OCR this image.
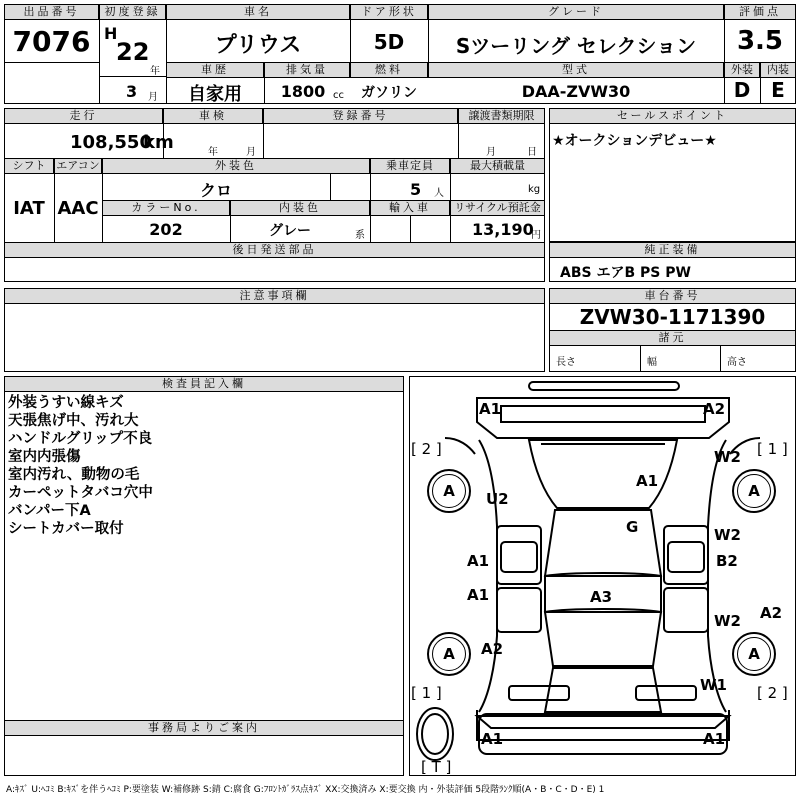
出品番号
7076
初度登録
H
22
年
3 月
車名
プリウス
ドア形状
5D
グレード
Sツーリング セレクション
評価点
3.5
車歴
自家用
排気量
1800 cc
燃料
ガソリン
型式
DAA-ZVW30
外装	内装
D	E
走行
108,550
km
車検
年	月
登録番号	譲渡書類期限
月	日
セールスポイント
★オークションデビュー★
シフト エアコン
IAT AAC
外装色
クロ
乗車定員
5 人
最大積載量
kg
カラーNo.	内装色	輸入車	リサイクル預託金
202	グレー	系	13,190
円
後日発送部品	純正装備
ABS エアB PS PW
注意事項欄	車台番号
ZVW30-1171390
諸元
長さ	幅	高さ
検査員記入欄
外装うすい線キズ
天張焦げ中、汚れ大
ハンドルグリップ不良
室内内張傷
室内汚れ、動物の毛
カーペットタバコ穴中
バンパー下A
シートカバー取付
事務局よりご案内
A	A
A	A
A1	A2
[ 2 ]	[ 1 ]
A1
U2
W2
G	W2
A1	B2
A1	A3
A2
W2
A2
W1
[ 1 ]	[ 2 ]
A1	A1
[ T ]
A:ｷｽﾞ U:ﾍｺﾐ B:ｷｽﾞを伴うﾍｺﾐ P:要塗装 W:補修跡 S:錆 C:腐食 G:ﾌﾛﾝﾄｶﾞﾗｽ点ｷｽﾞ XX:交換済み X:要交換 内・外装評価 5段階ﾗﾝｸ順(A・B・C・D・E) 1
